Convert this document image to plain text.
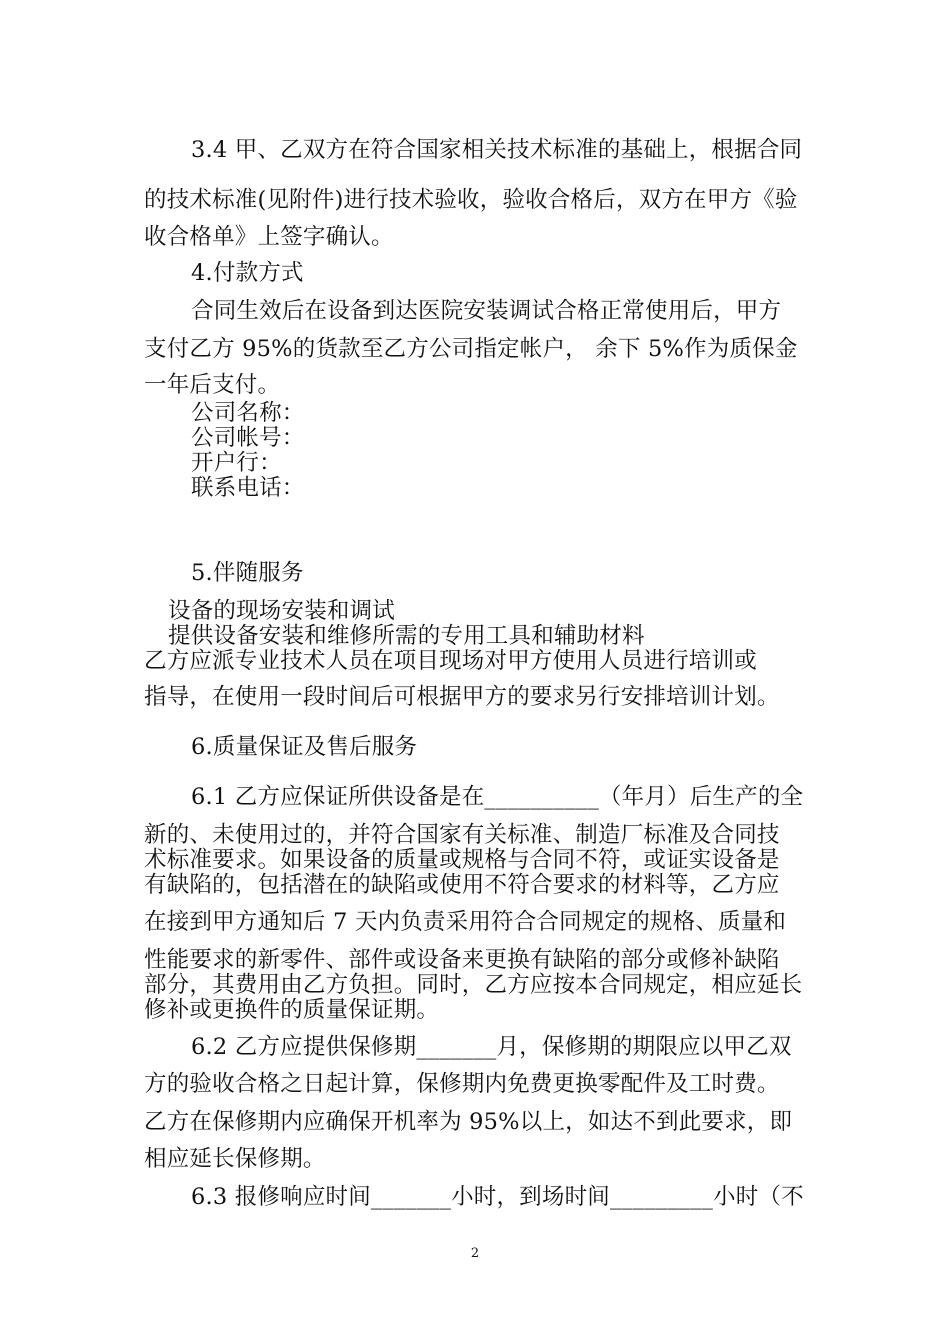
3.4 甲、乙双方在符合国家相关技术标准的基础上，根据合同
的技术标准(见附件)进行技术验收，验收合格后，双方在甲方《验
收合格单》上签字确认。
4.付款方式
合同生效后在设备到达医院安装调试合格正常使用后，甲方
支付乙方 95%的货款至乙方公司指定帐户， 余下 5%作为质保金
一年后支付。
公司名称：
公司帐号：
开户行：
联系电话：
5.伴随服务
设备的现场安装和调试
提供设备安装和维修所需的专用工具和辅助材料
乙方应派专业技术人员在项目现场对甲方使用人员进行培训或
指导，在使用一段时间后可根据甲方的要求另行安排培训计划。
6.质量保证及售后服务
6.1 乙方应保证所供设备是在__________（年月）后生产的全
新的、未使用过的，并符合国家有关标准、制造厂标准及合同技
术标准要求。如果设备的质量或规格与合同不符，或证实设备是
有缺陷的，包括潜在的缺陷或使用不符合要求的材料等，乙方应
在接到甲方通知后 7 天内负责采用符合合同规定的规格、质量和
性能要求的新零件、部件或设备来更换有缺陷的部分或修补缺陷
部分，其费用由乙方负担。同时，乙方应按本合同规定，相应延长
修补或更换件的质量保证期。
6.2 乙方应提供保修期_______月，保修期的期限应以甲乙双
方的验收合格之日起计算，保修期内免费更换零配件及工时费。
乙方在保修期内应确保开机率为 95%以上，如达不到此要求，即
相应延长保修期。
6.3 报修响应时间_______小时，到场时间_________小时（不
2
